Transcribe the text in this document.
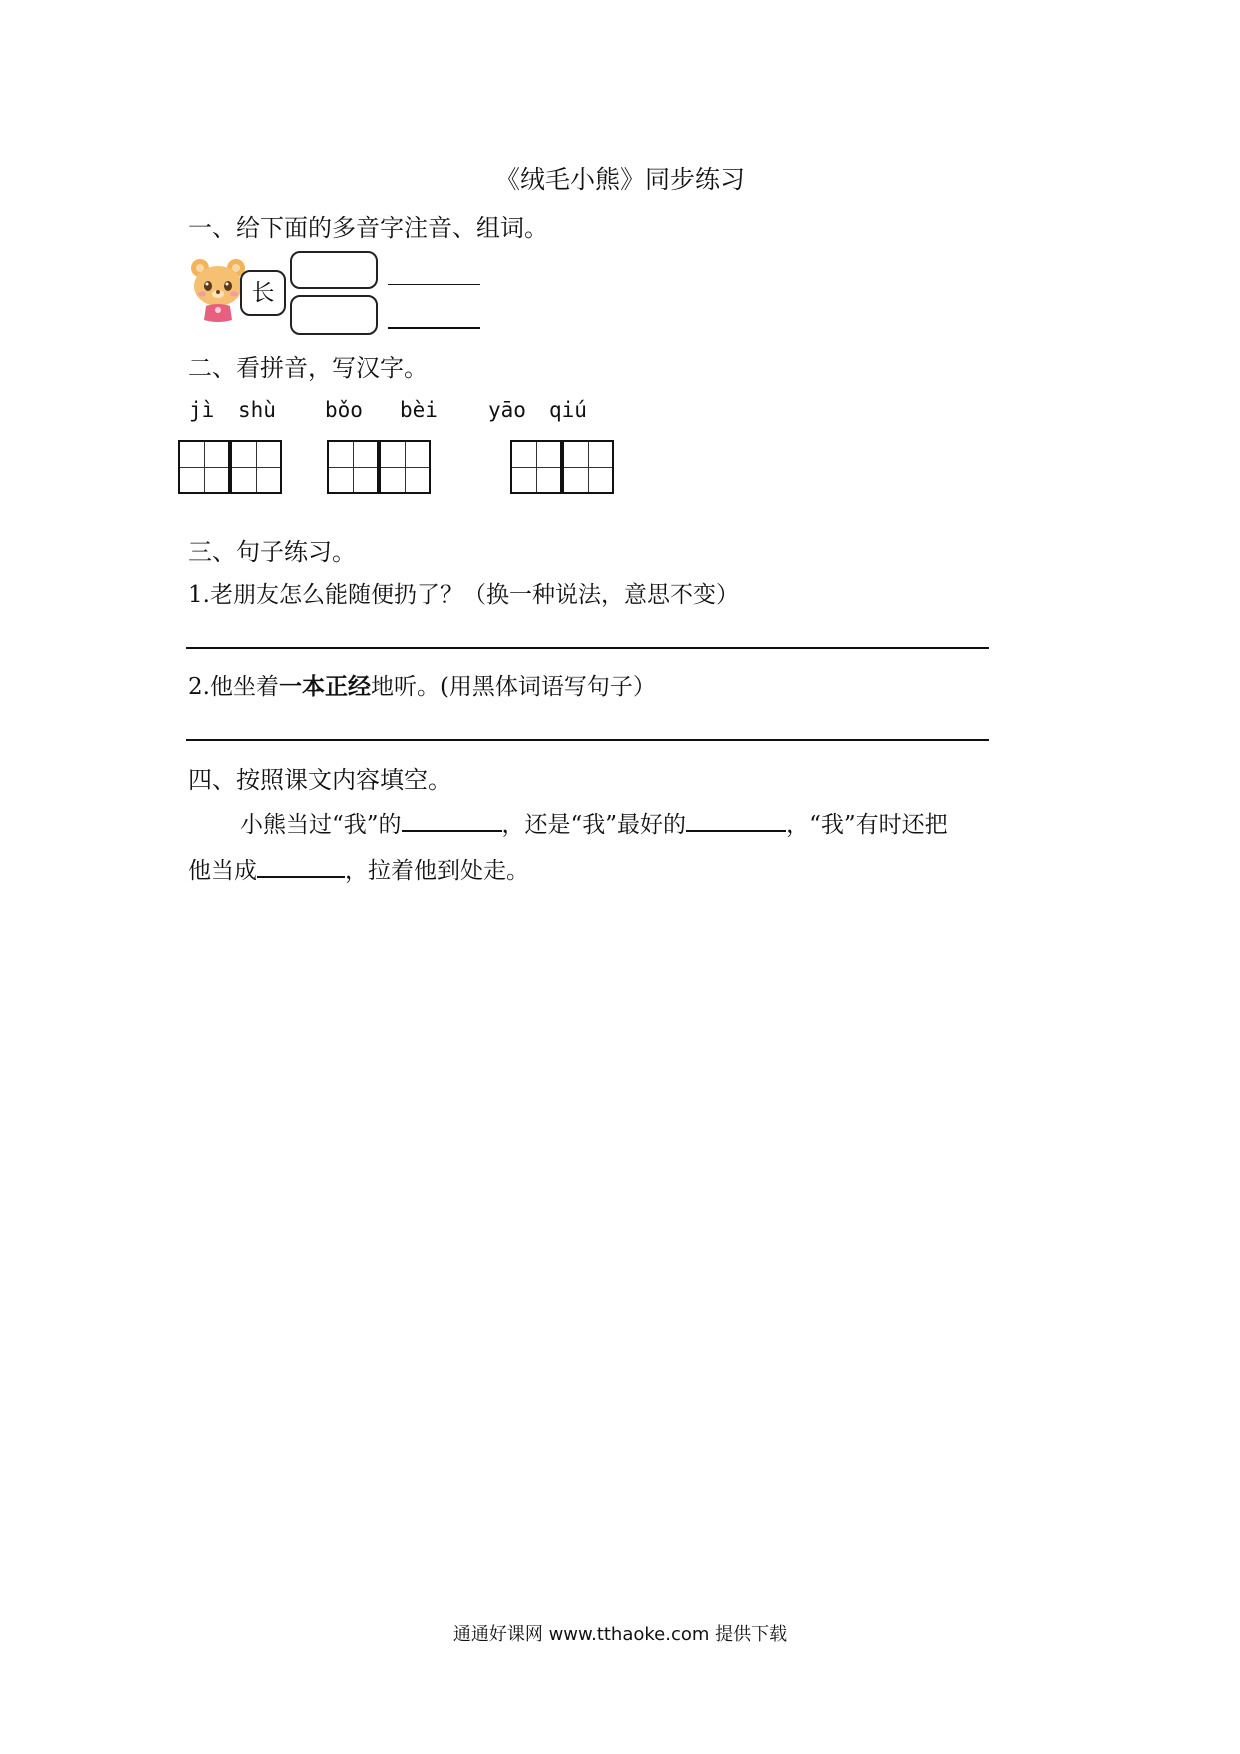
《绒毛小熊》同步练习
一、给下面的多音字注音、组词。
长
二、看拼音，写汉字。
jì shù bǒo bèi yāo qiú
三、句子练习。
1.老朋友怎么能随便扔了？（换一种说法，意思不变）
2.他坐着一本正经地听。(用黑体词语写句子）
四、按照课文内容填空。
小熊当过“我”的	，还是“我”最好的	，“我”有时还把
他当成	，拉着他到处走。
通通好课网 www.tthaoke.com 提供下载
